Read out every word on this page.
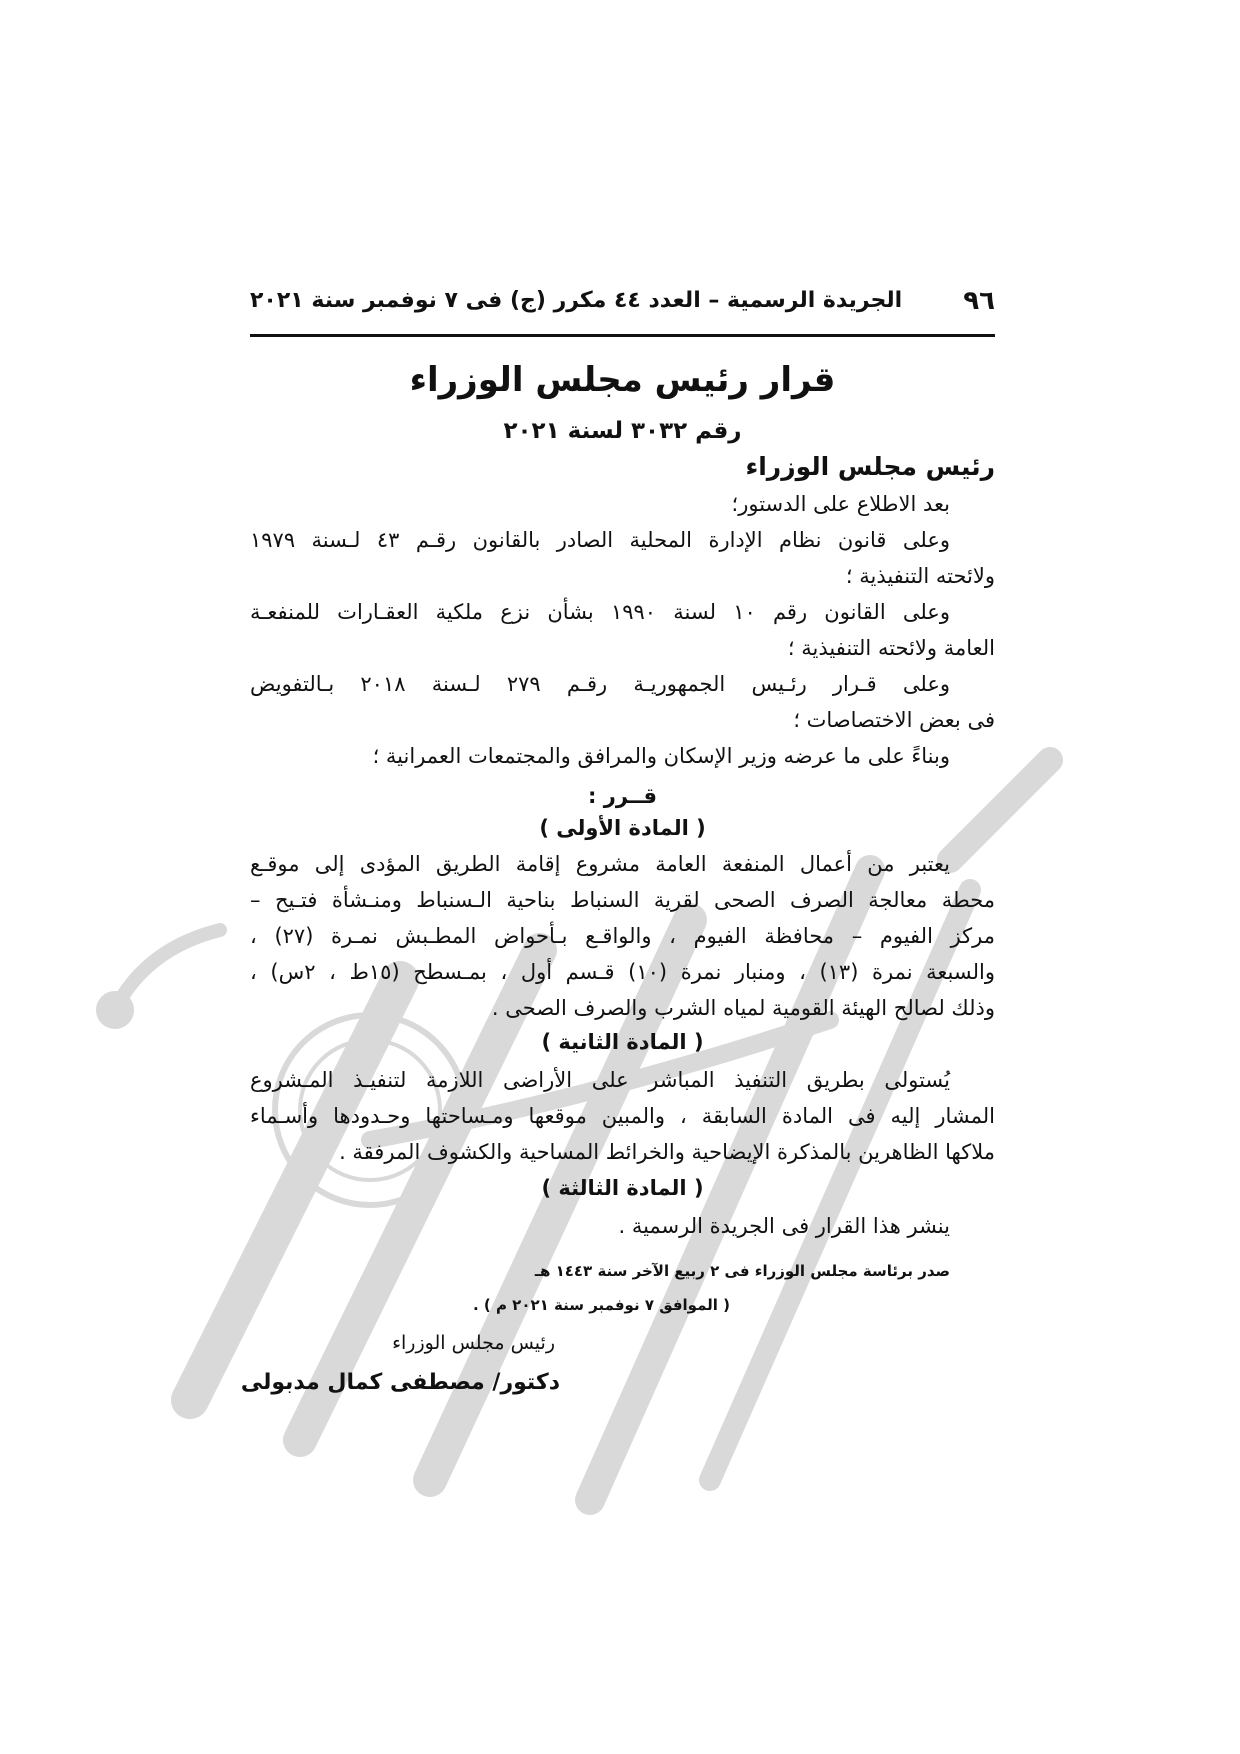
٩٦
الجريدة الرسمية – العدد ٤٤ مكرر (ج) فى ٧ نوفمبر سنة ٢٠٢١
قرار رئيس مجلس الوزراء
رقم ٣٠٣٢ لسنة ٢٠٢١
رئيس مجلس الوزراء
بعد الاطلاع على الدستور؛
وعلى قانون نظام الإدارة المحلية الصادر بالقانون رقـم ٤٣ لـسنة ١٩٧٩
ولائحته التنفيذية ؛
وعلى القانون رقم ١٠ لسنة ١٩٩٠ بشأن نزع ملكية العقـارات للمنفعـة
العامة ولائحته التنفيذية ؛
وعلى قـرار رئـيس الجمهوريـة رقـم ٢٧٩ لـسنة ٢٠١٨ بـالتفويض
فى بعض الاختصاصات ؛
وبناءً على ما عرضه وزير الإسكان والمرافق والمجتمعات العمرانية ؛
قــرر :
( المادة الأولى )
يعتبر من أعمال المنفعة العامة مشروع إقامة الطريق المؤدى إلى موقـع
محطة معالجة الصرف الصحى لقرية السنباط بناحية الـسنباط ومنـشأة فتـيح –
مركز الفيوم – محافظة الفيوم ، والواقـع بـأحواض المطـبش نمـرة (٢٧) ،
والسبعة نمرة (١٣) ، ومنبار نمرة (١٠) قـسم أول ، بمـسطح (١٥ط ، ٢س) ،
وذلك لصالح الهيئة القومية لمياه الشرب والصرف الصحى .
( المادة الثانية )
يُستولى بطريق التنفيذ المباشر على الأراضى اللازمة لتنفيـذ المـشروع
المشار إليه فى المادة السابقة ، والمبين موقعها ومـساحتها وحـدودها وأسـماء
ملاكها الظاهرين بالمذكرة الإيضاحية والخرائط المساحية والكشوف المرفقة .
( المادة الثالثة )
ينشر هذا القرار فى الجريدة الرسمية .
صدر برئاسة مجلس الوزراء فى ٢ ربيع الآخر سنة ١٤٤٣ هـ
( الموافق ٧ نوفمبر سنة ٢٠٢١ م ) .
رئيس مجلس الوزراء
دكتور/ مصطفى كمال مدبولى
